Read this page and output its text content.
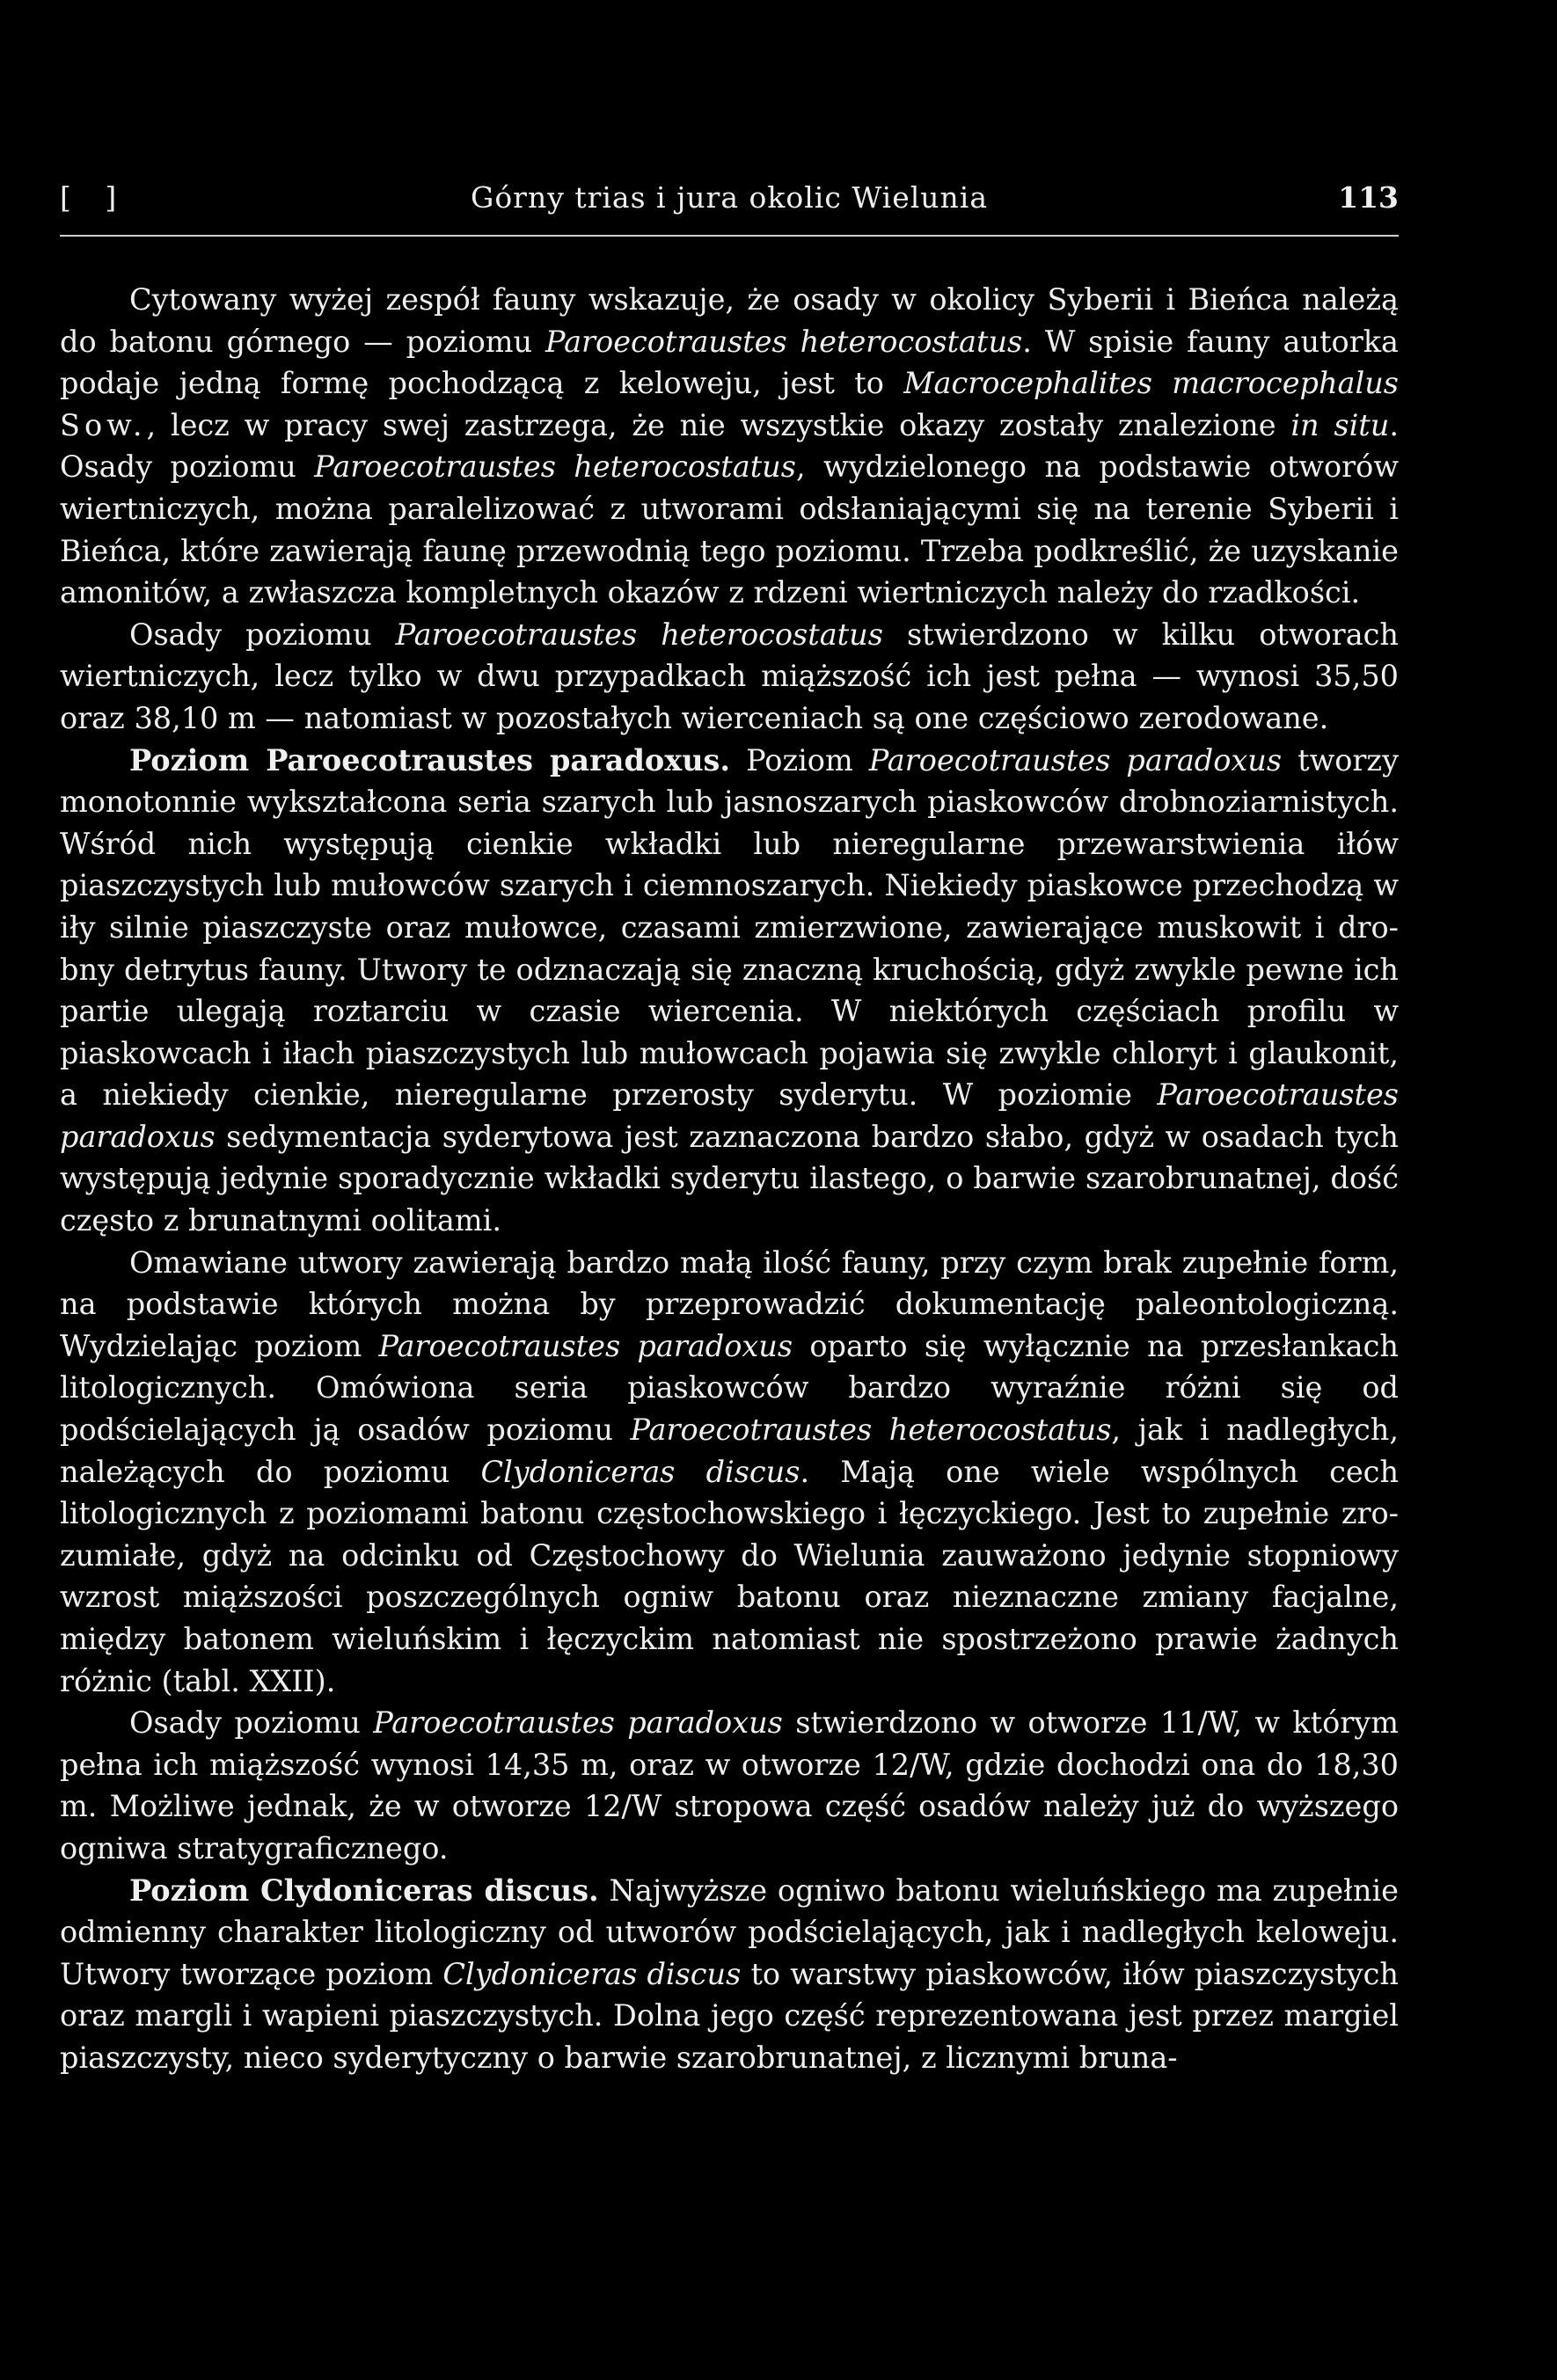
[ ]	Górny trias i jura okolic Wielunia	113

Cytowany wyżej zespół fauny wskazuje, że osady w okolicy Syberii i Bieńca należą do batonu górnego — poziomu Paroecotraustes heterocostatus. W spisie fauny autorka podaje jedną formę pochodzącą z keloweju, jest to Macrocephalites macrocephalus Sow., lecz w pracy swej zastrzega, że nie wszystkie okazy zostały znalezione in situ. Osady poziomu Paroecotraustes heterocostatus, wydzielonego na podstawie otworów wiertniczych, można paralelizować z utworami odsłaniającymi się na terenie Syberii i Bieńca, które zawierają faunę przewodnią tego poziomu. Trzeba podkreślić, że uzyskanie amonitów, a zwłaszcza kompletnych okazów z rdzeni wiertniczych należy do rzadkości.

Osady poziomu Paroecotraustes heterocostatus stwierdzono w kilku otworach wiertniczych, lecz tylko w dwu przypadkach miąższość ich jest pełna — wynosi 35,50 oraz 38,10 m — natomiast w pozostałych wierceniach są one częściowo zerodowane.

Poziom Paroecotraustes paradoxus. Poziom Paroecotraustes paradoxus tworzy monotonnie wykształcona seria szarych lub jasnoszarych piaskowców drobnoziarnistych. Wśród nich występują cienkie wkładki lub nieregularne przewarstwienia iłów piaszczystych lub mułowców szarych i ciemnoszarych. Niekiedy piaskowce przechodzą w iły silnie piaszczyste oraz mułowce, czasami zmierzwione, zawierające muskowit i drobny detrytus fauny. Utwory te odznaczają się znaczną kruchością, gdyż zwykle pewne ich partie ulegają roztarciu w czasie wiercenia. W niektórych częściach profilu w piaskowcach i iłach piaszczystych lub mułowcach pojawia się zwykle chloryt i glaukonit, a niekiedy cienkie, nieregularne przerosty syderytu. W poziomie Paroecotraustes paradoxus sedymentacja syderytowa jest zaznaczona bardzo słabo, gdyż w osadach tych występują jedynie sporadycznie wkładki syderytu ilastego, o barwie szarobrunatnej, dość często z brunatnymi oolitami.

Omawiane utwory zawierają bardzo małą ilość fauny, przy czym brak zupełnie form, na podstawie których można by przeprowadzić dokumentację paleontologiczną. Wydzielając poziom Paroecotraustes paradoxus oparto się wyłącznie na przesłankach litologicznych. Omówiona seria piaskowców bardzo wyraźnie różni się od podścielających ją osadów poziomu Paroecotraustes heterocostatus, jak i nadległych, należących do poziomu Clydoniceras discus. Mają one wiele wspólnych cech litologicznych z poziomami batonu częstochowskiego i łęczyckiego. Jest to zupełnie zrozumiałe, gdyż na odcinku od Częstochowy do Wielunia zauważono jedynie stopniowy wzrost miąższości poszczególnych ogniw batonu oraz nieznaczne zmiany facjalne, między batonem wieluńskim i łęczyckim natomiast nie spostrzeżono prawie żadnych różnic (tabl. XXII).

Osady poziomu Paroecotraustes paradoxus stwierdzono w otworze 11/W, w którym pełna ich miąższość wynosi 14,35 m, oraz w otworze 12/W, gdzie dochodzi ona do 18,30 m. Możliwe jednak, że w otworze 12/W stropowa część osadów należy już do wyższego ogniwa stratygraficznego.

Poziom Clydoniceras discus. Najwyższe ogniwo batonu wieluńskiego ma zupełnie odmienny charakter litologiczny od utworów podścielających, jak i nadległych keloweju. Utwory tworzące poziom Clydoniceras discus to warstwy piaskowców, iłów piaszczystych oraz margli i wapieni piaszczystych. Dolna jego część reprezentowana jest przez margiel piaszczysty, nieco syderytyczny o barwie szarobrunatnej, z licznymi bruna-
